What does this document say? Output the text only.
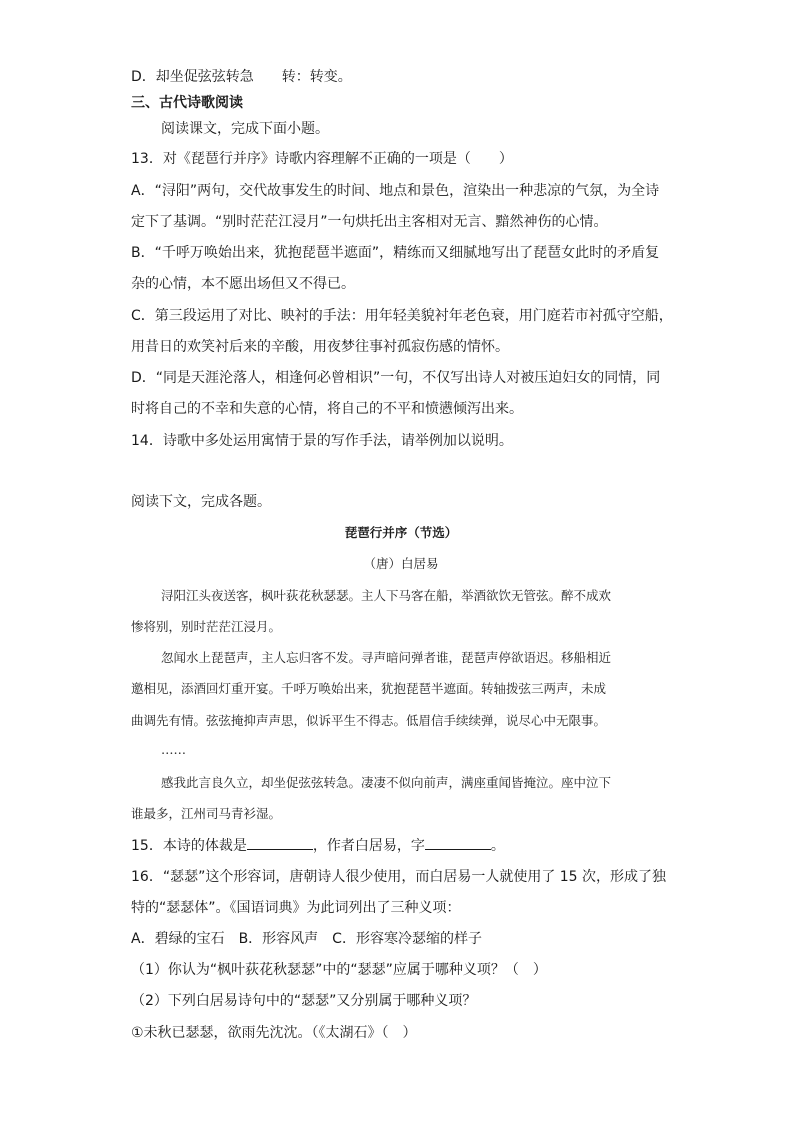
D．却坐促弦弦转急　　转：转变。
三、古代诗歌阅读
阅读课文，完成下面小题。
13．对《琵琶行并序》诗歌内容理解不正确的一项是（　　）
A．“浔阳”两句，交代故事发生的时间、地点和景色，渲染出一种悲凉的气氛，为全诗
定下了基调。“别时茫茫江浸月”一句烘托出主客相对无言、黯然神伤的心情。
B．“千呼万唤始出来，犹抱琵琶半遮面”，精练而又细腻地写出了琵琶女此时的矛盾复
杂的心情，本不愿出场但又不得已。
C．第三段运用了对比、映衬的手法：用年轻美貌衬年老色衰，用门庭若市衬孤守空船，
用昔日的欢笑衬后来的辛酸，用夜梦往事衬孤寂伤感的情怀。
D．“同是天涯沦落人，相逢何必曾相识”一句，不仅写出诗人对被压迫妇女的同情，同
时将自己的不幸和失意的心情，将自己的不平和愤懑倾泻出来。
14．诗歌中多处运用寓情于景的写作手法，请举例加以说明。
阅读下文，完成各题。
琵琶行并序（节选）
（唐）白居易
浔阳江头夜送客，枫叶荻花秋瑟瑟。主人下马客在船，举酒欲饮无管弦。醉不成欢
惨将别，别时茫茫江浸月。
忽闻水上琵琶声，主人忘归客不发。寻声暗问弹者谁，琵琶声停欲语迟。移船相近
邀相见，添酒回灯重开宴。千呼万唤始出来，犹抱琵琶半遮面。转轴拨弦三两声，未成
曲调先有情。弦弦掩抑声声思，似诉平生不得志。低眉信手续续弹，说尽心中无限事。
……
感我此言良久立，却坐促弦弦转急。凄凄不似向前声，满座重闻皆掩泣。座中泣下
谁最多，江州司马青衫湿。
15．本诗的体裁是	，作者白居易，字	。
16．“瑟瑟”这个形容词，唐朝诗人很少使用，而白居易一人就使用了 15 次，形成了独
特的“瑟瑟体”。《国语词典》为此词列出了三种义项：
A．碧绿的宝石　B．形容风声　C．形容寒冷瑟缩的样子
（1）你认为“枫叶荻花秋瑟瑟”中的“瑟瑟”应属于哪种义项？（　）
（2）下列白居易诗句中的“瑟瑟”又分别属于哪种义项？
①未秋已瑟瑟，欲雨先沈沈。（《太湖石》（　）
